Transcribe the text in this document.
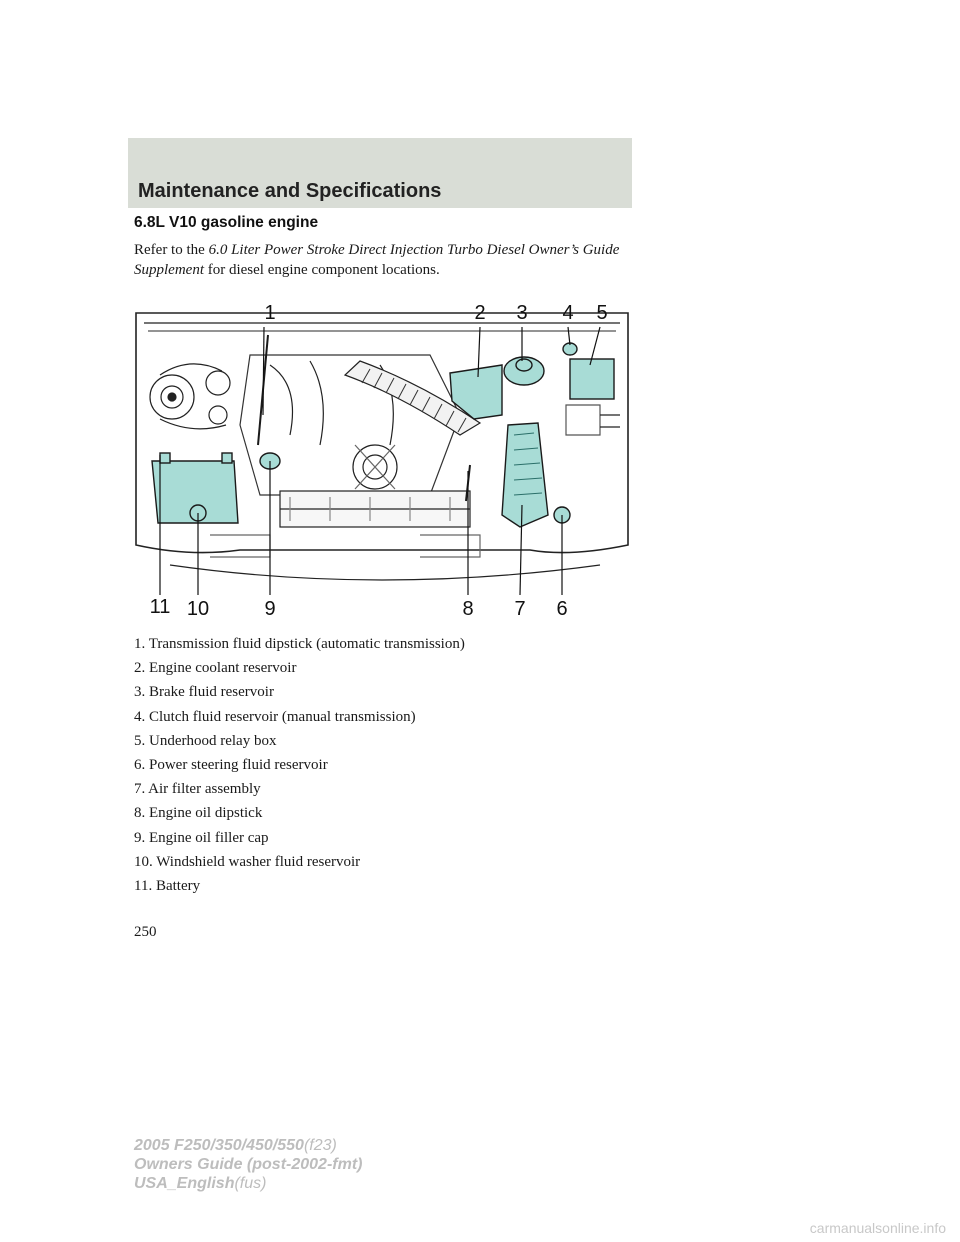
Maintenance and Specifications
6.8L V10 gasoline engine

Refer to the 6.0 Liter Power Stroke Direct Injection Turbo Diesel Owner’s Guide Supplement for diesel engine component locations.

1	2 3 4 5
11 10	9	8 7 6
1. Transmission fluid dipstick (automatic transmission)
2. Engine coolant reservoir
3. Brake fluid reservoir
4. Clutch fluid reservoir (manual transmission)
5. Underhood relay box
6. Power steering fluid reservoir
7. Air filter assembly
8. Engine oil dipstick
9. Engine oil filler cap
10. Windshield washer fluid reservoir
11. Battery
250
2005 F250/350/450/550(f23)
Owners Guide (post-2002-fmt)
USA_English(fus)
carmanualsonline.info
